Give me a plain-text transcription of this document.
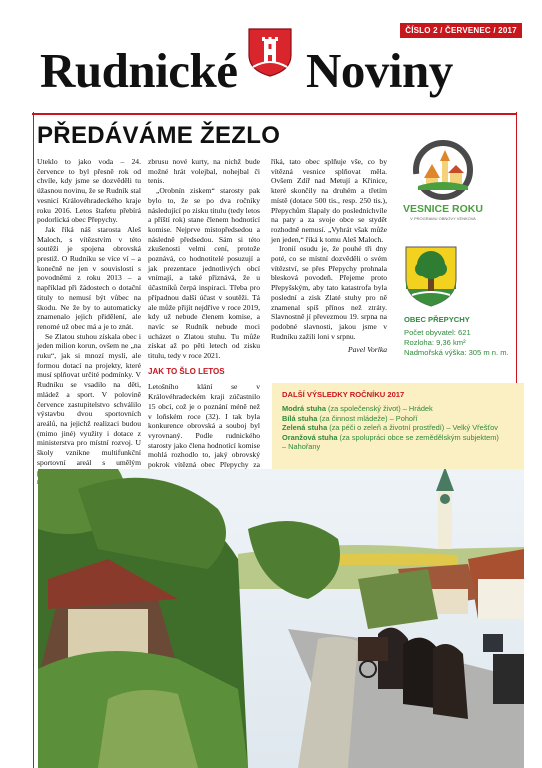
ČÍSLO 2 / ČERVENEC / 2017
Rudnické Noviny
PŘEDÁVÁME ŽEZLO

Uteklo to jako voda – 24. července to byl přesně rok od chvíle, kdy jsme se dozvěděli tu úžasnou novinu, že se Rudník stal vesnicí Královéhradeckého kraje roku 2016. Letos štafetu přebírá podorlická obec Přepychy.

Jak říká náš starosta Aleš Maloch, s vítězstvím v této soutěži je spojena obrovská prestiž. O Rudníku se více ví – a konečně ne jen v souvislosti s povodněmi z roku 2013 – a například při žádostech o dotační tituly to nemusí být vůbec na škodu. Ne že by to automaticky znamenalo jejich přidělení, ale renomé už obec má a je to znát.

Se Zlatou stuhou získala obec i jeden milion korun, ovšem ne „na ruku“, jak si mnozí myslí, ale formou dotací na projekty, které musí splňovat určité podmínky. V Rudníku se vsadilo na děti, mládež a sport. V polovině července zastupitelstvo schválilo výstavbu dvou sportovních areálů, na jejichž realizaci budou (mimo jiné) využity i dotace z ministerstva pro místní rozvoj. U školy vznikne multifunkční sportovní areál s umělým

zbrusu nové kurty, na nichž bude možné hrát volejbal, nohejbal či tenis.

„Orobnín ziskem“ starosty pak bylo to, že se po dva ročníky následující po zisku titulu (tedy letos a příští rok) stane členem hodnotící komise. Nejprve místopředsedou a následně předsedou. Sám si této zkušenosti velmi cení, protože poznává, co hodnotitelé posuzují a jak prezentace jednotlivých obcí vnímají, a také přiznává, že u účastníků čerpá inspiraci. Třeba pro případnou další účast v soutěži. Tá ale může přijít nejdříve v roce 2019, kdy už nebude členem komise, a navíc se Rudník nebude moci ucházet o Zlatou stuhu. Tu může získat až po pěti letech od zisku titulu, tedy v roce 2021.

JAK TO ŠLO LETOS

Letošního klání se v Královéhradeckém kraji zúčastnilo 15 obcí, což je o poznání méně než v loňském roce (32). I tak byla konkurence obrovská a souboj byl vyrovnaný. Podle rudnického starosty jako člena hodnotící komise mohlá rozhodlo to, jaký obrovský pokrok vítězná obec Přepychy za

říká, tato obec splňuje vše, co by vítězná vesnice splňovat měla. Ovšem Zdíř nad Metují a Křinice, které skončily na druhém a třetím místě (dotace 500 tis., resp. 250 tis.), Přepychům šlapaly do posledníchvíle na paty a za svoje obce se stydět rozhodně nemusí. „Vyhrát však může jen jeden,“ říká k tomu Aleš Maloch.

Ironií osudu je, že pouhé tři dny poté, co se místní dozvěděli o svém vítězství, se přes Přepychy prohnala blesková povodeň. Přejeme proto Přepyšským, aby tato katastrofa byla poslední a zisk Zlaté stuhy pro ně znamenal spíš přínos než ztráty. Slavnostně jí převezmou 19. srpna na podobné slavnosti, jakou jsme v Rudníku zažili loni v srpnu.

Pavel Vorlka
VESNICE ROKU
V PROGRAMU OBNOVY VENKOVA
OBEC PŘEPYCHY
Počet obyvatel: 621
Rozloha: 9,36 km²
Nadmořská výška: 305 m n. m.
DALŠÍ VÝSLEDKY ROČNÍKU 2017
Modrá stuha (za společenský život) – Hrádek
Bílá stuha (za činnost mládeže) – Pohoří
Zelená stuha (za péči o zeleň a životní prostředí) – Velký Vřešťov
Oranžová stuha (za spolupráci obce se zemědělským subjektem)
– Nahořany
